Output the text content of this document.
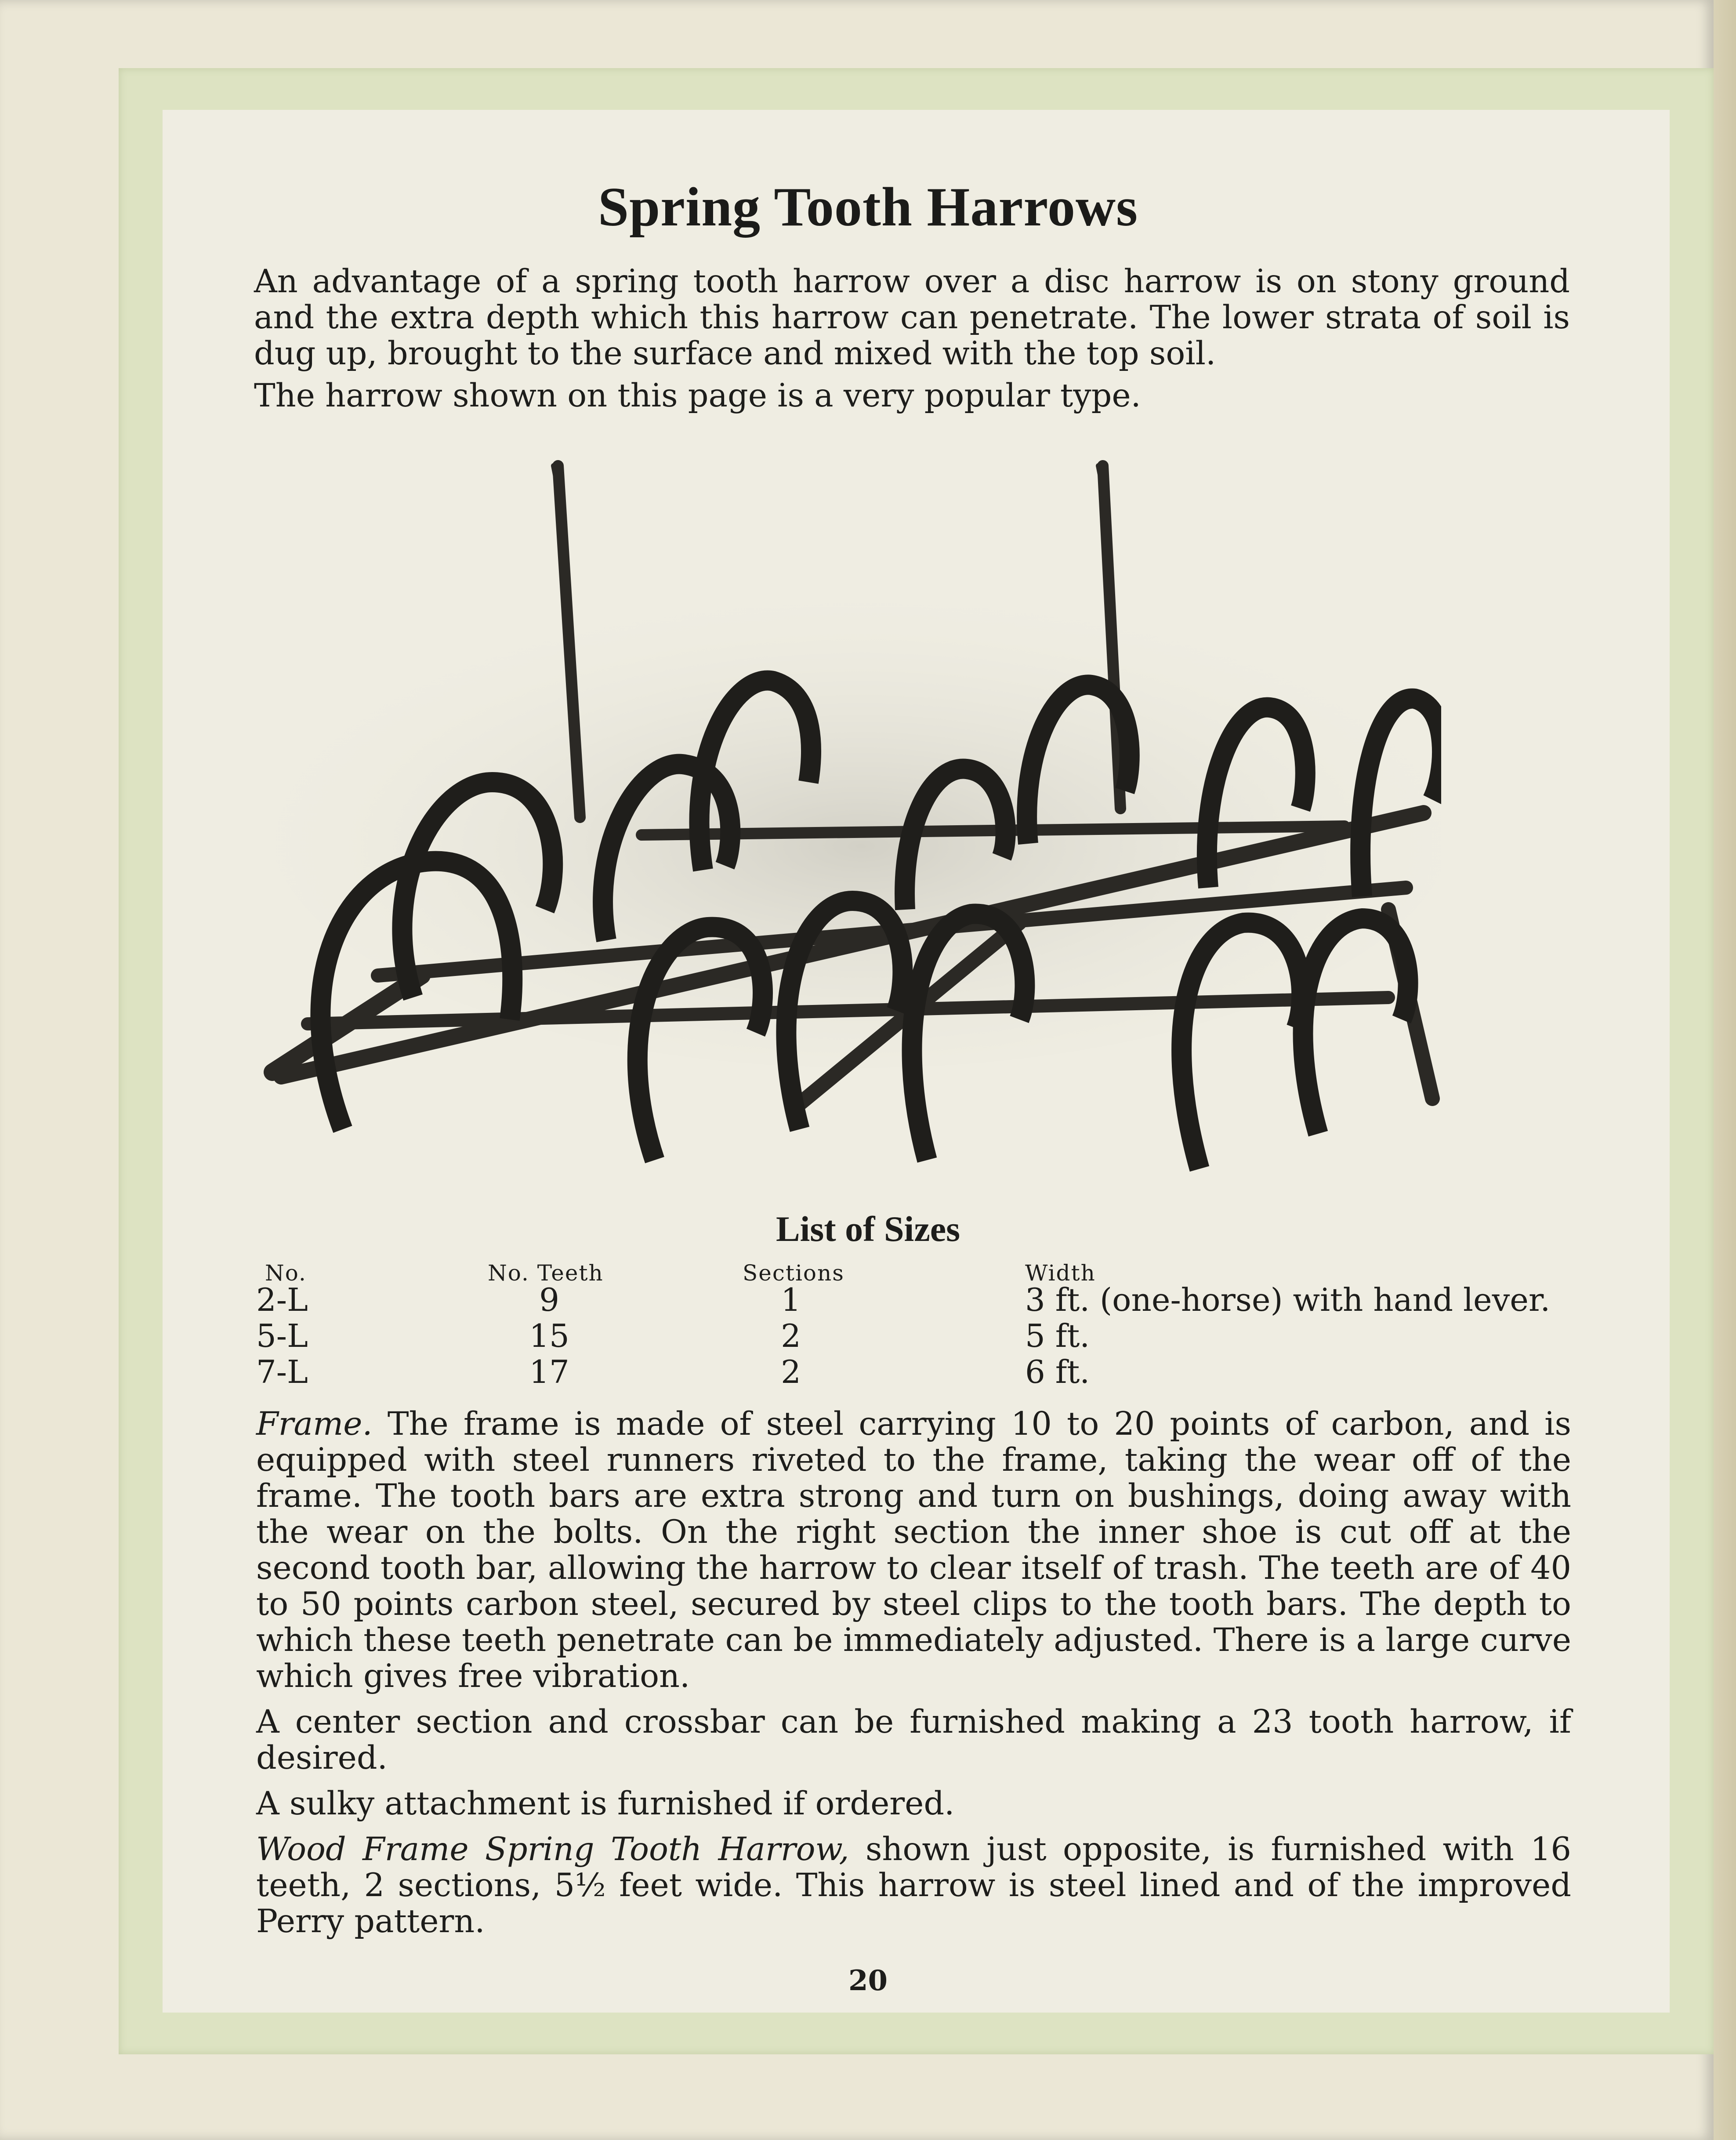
Spring Tooth Harrows

An advantage of a spring tooth harrow over a disc harrow is on stony ground and the extra depth which this harrow can penetrate. The lower strata of soil is dug up, brought to the surface and mixed with the top soil.

The harrow shown on this page is a very popular type.

List of Sizes
No.	No. Teeth	Sections	Width
2-L	9	1	3 ft. (one-horse) with hand lever.
5-L	15	2	5 ft.
7-L	17	2	6 ft.

Frame. The frame is made of steel carrying 10 to 20 points of carbon, and is equipped with steel runners riveted to the frame, taking the wear off of the frame. The tooth bars are extra strong and turn on bushings, doing away with the wear on the bolts. On the right section the inner shoe is cut off at the second tooth bar, allowing the harrow to clear itself of trash. The teeth are of 40 to 50 points carbon steel, secured by steel clips to the tooth bars. The depth to which these teeth penetrate can be immediately adjusted. There is a large curve which gives free vibration.

A center section and crossbar can be furnished making a 23 tooth harrow, if desired.

A sulky attachment is furnished if ordered.

Wood Frame Spring Tooth Harrow, shown just opposite, is furnished with 16 teeth, 2 sections, 5½ feet wide. This harrow is steel lined and of the improved Perry pattern.

20
